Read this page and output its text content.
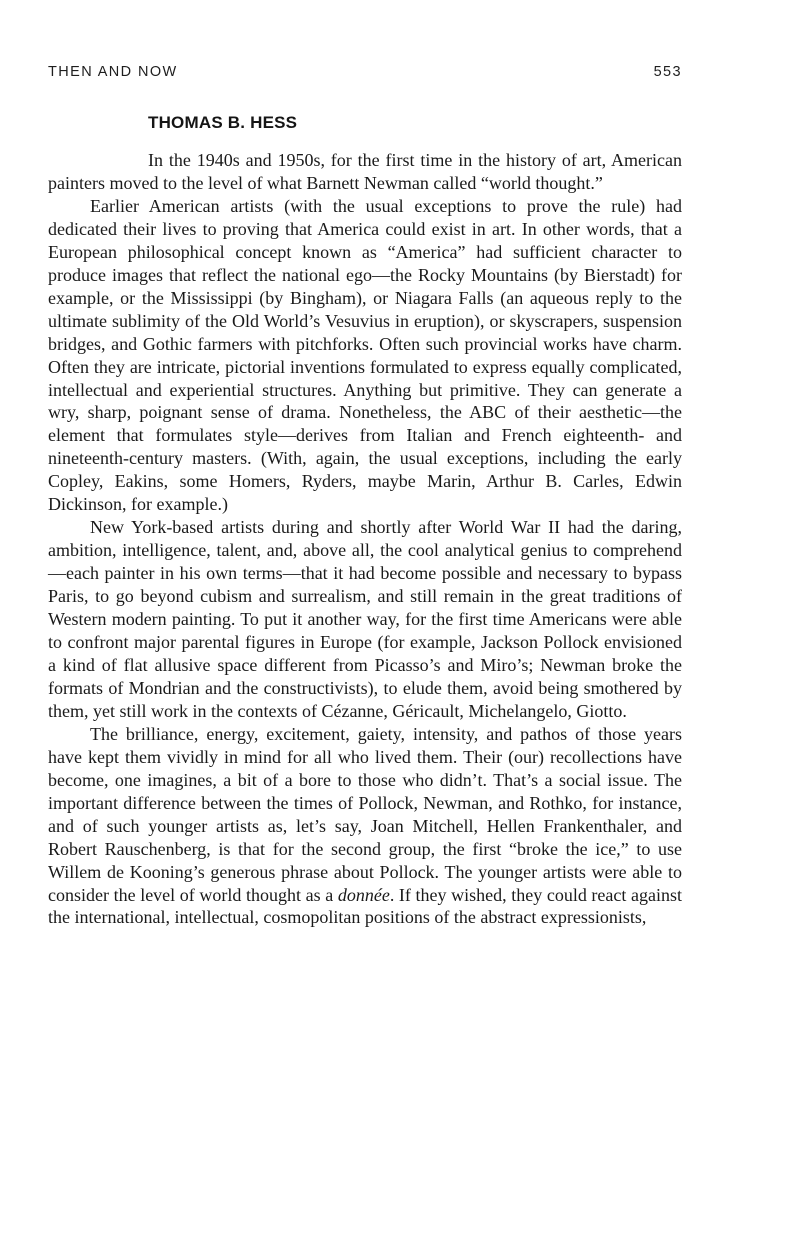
THEN AND NOW	553
THOMAS B. HESS

In the 1940s and 1950s, for the first time in the history of art, American painters moved to the level of what Barnett Newman called “world thought.”

Earlier American artists (with the usual exceptions to prove the rule) had dedicated their lives to proving that America could exist in art. In other words, that a European philosophical concept known as “America” had sufficient character to produce images that reflect the national ego—the Rocky Mountains (by Bierstadt) for example, or the Mississippi (by Bingham), or Niagara Falls (an aqueous reply to the ultimate sublimity of the Old World’s Vesuvius in eruption), or skyscrapers, suspension bridges, and Gothic farmers with pitchforks. Often such provincial works have charm. Often they are intricate, pictorial inventions formulated to express equally complicated, intellectual and experiential structures. Anything but primitive. They can generate a wry, sharp, poignant sense of drama. Nonetheless, the ABC of their aesthetic—the element that formulates style—derives from Italian and French eighteenth- and nineteenth-century masters. (With, again, the usual exceptions, including the early Copley, Eakins, some Homers, Ryders, maybe Marin, Arthur B. Carles, Edwin Dickinson, for example.)

New York-based artists during and shortly after World War II had the daring, ambition, intelligence, talent, and, above all, the cool analytical genius to comprehend—each painter in his own terms—that it had become possible and necessary to bypass Paris, to go beyond cubism and surrealism, and still remain in the great traditions of Western modern painting. To put it another way, for the first time Americans were able to confront major parental figures in Europe (for example, Jackson Pollock envisioned a kind of flat allusive space different from Picasso’s and Miro’s; Newman broke the formats of Mondrian and the constructivists), to elude them, avoid being smothered by them, yet still work in the contexts of Cézanne, Géricault, Michelangelo, Giotto.

The brilliance, energy, excitement, gaiety, intensity, and pathos of those years have kept them vividly in mind for all who lived them. Their (our) recollections have become, one imagines, a bit of a bore to those who didn’t. That’s a social issue. The important difference between the times of Pollock, Newman, and Rothko, for instance, and of such younger artists as, let’s say, Joan Mitchell, Hellen Frankenthaler, and Robert Rauschenberg, is that for the second group, the first “broke the ice,” to use Willem de Kooning’s generous phrase about Pollock. The younger artists were able to consider the level of world thought as a donnée. If they wished, they could react against the international, intellectual, cosmopolitan positions of the abstract expressionists,
